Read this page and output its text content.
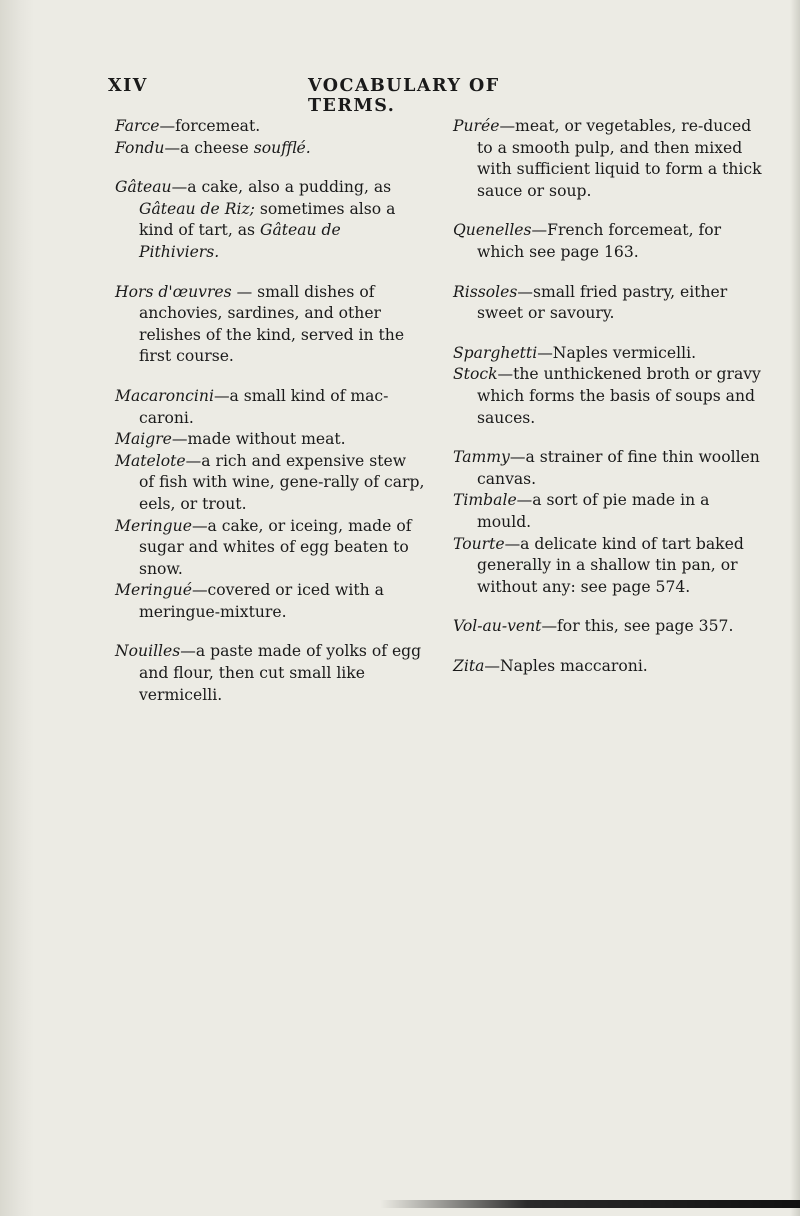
XIV	VOCABULARY OF TERMS.

Farce—forcemeat.

Fondu—a cheese soufflé.

Gâteau—a cake, also a pudding, as Gâteau de Riz; sometimes also a kind of tart, as Gâteau de Pithiviers.

Hors d'œuvres — small dishes of anchovies, sardines, and other relishes of the kind, served in the first course.

Macaroncini—a small kind of mac-caroni.

Maigre—made without meat.

Matelote—a rich and expensive stew of fish with wine, gene-rally of carp, eels, or trout.

Meringue—a cake, or iceing, made of sugar and whites of egg beaten to snow.

Meringué—covered or iced with a meringue-mixture.

Nouilles—a paste made of yolks of egg and flour, then cut small like vermicelli.

Purée—meat, or vegetables, re-duced to a smooth pulp, and then mixed with sufficient liquid to form a thick sauce or soup.

Quenelles—French forcemeat, for which see page 163.

Rissoles—small fried pastry, either sweet or savoury.

Sparghetti—Naples vermicelli.

Stock—the unthickened broth or gravy which forms the basis of soups and sauces.

Tammy—a strainer of fine thin woollen canvas.

Timbale—a sort of pie made in a mould.

Tourte—a delicate kind of tart baked generally in a shallow tin pan, or without any: see page 574.

Vol-au-vent—for this, see page 357.

Zita—Naples maccaroni.
